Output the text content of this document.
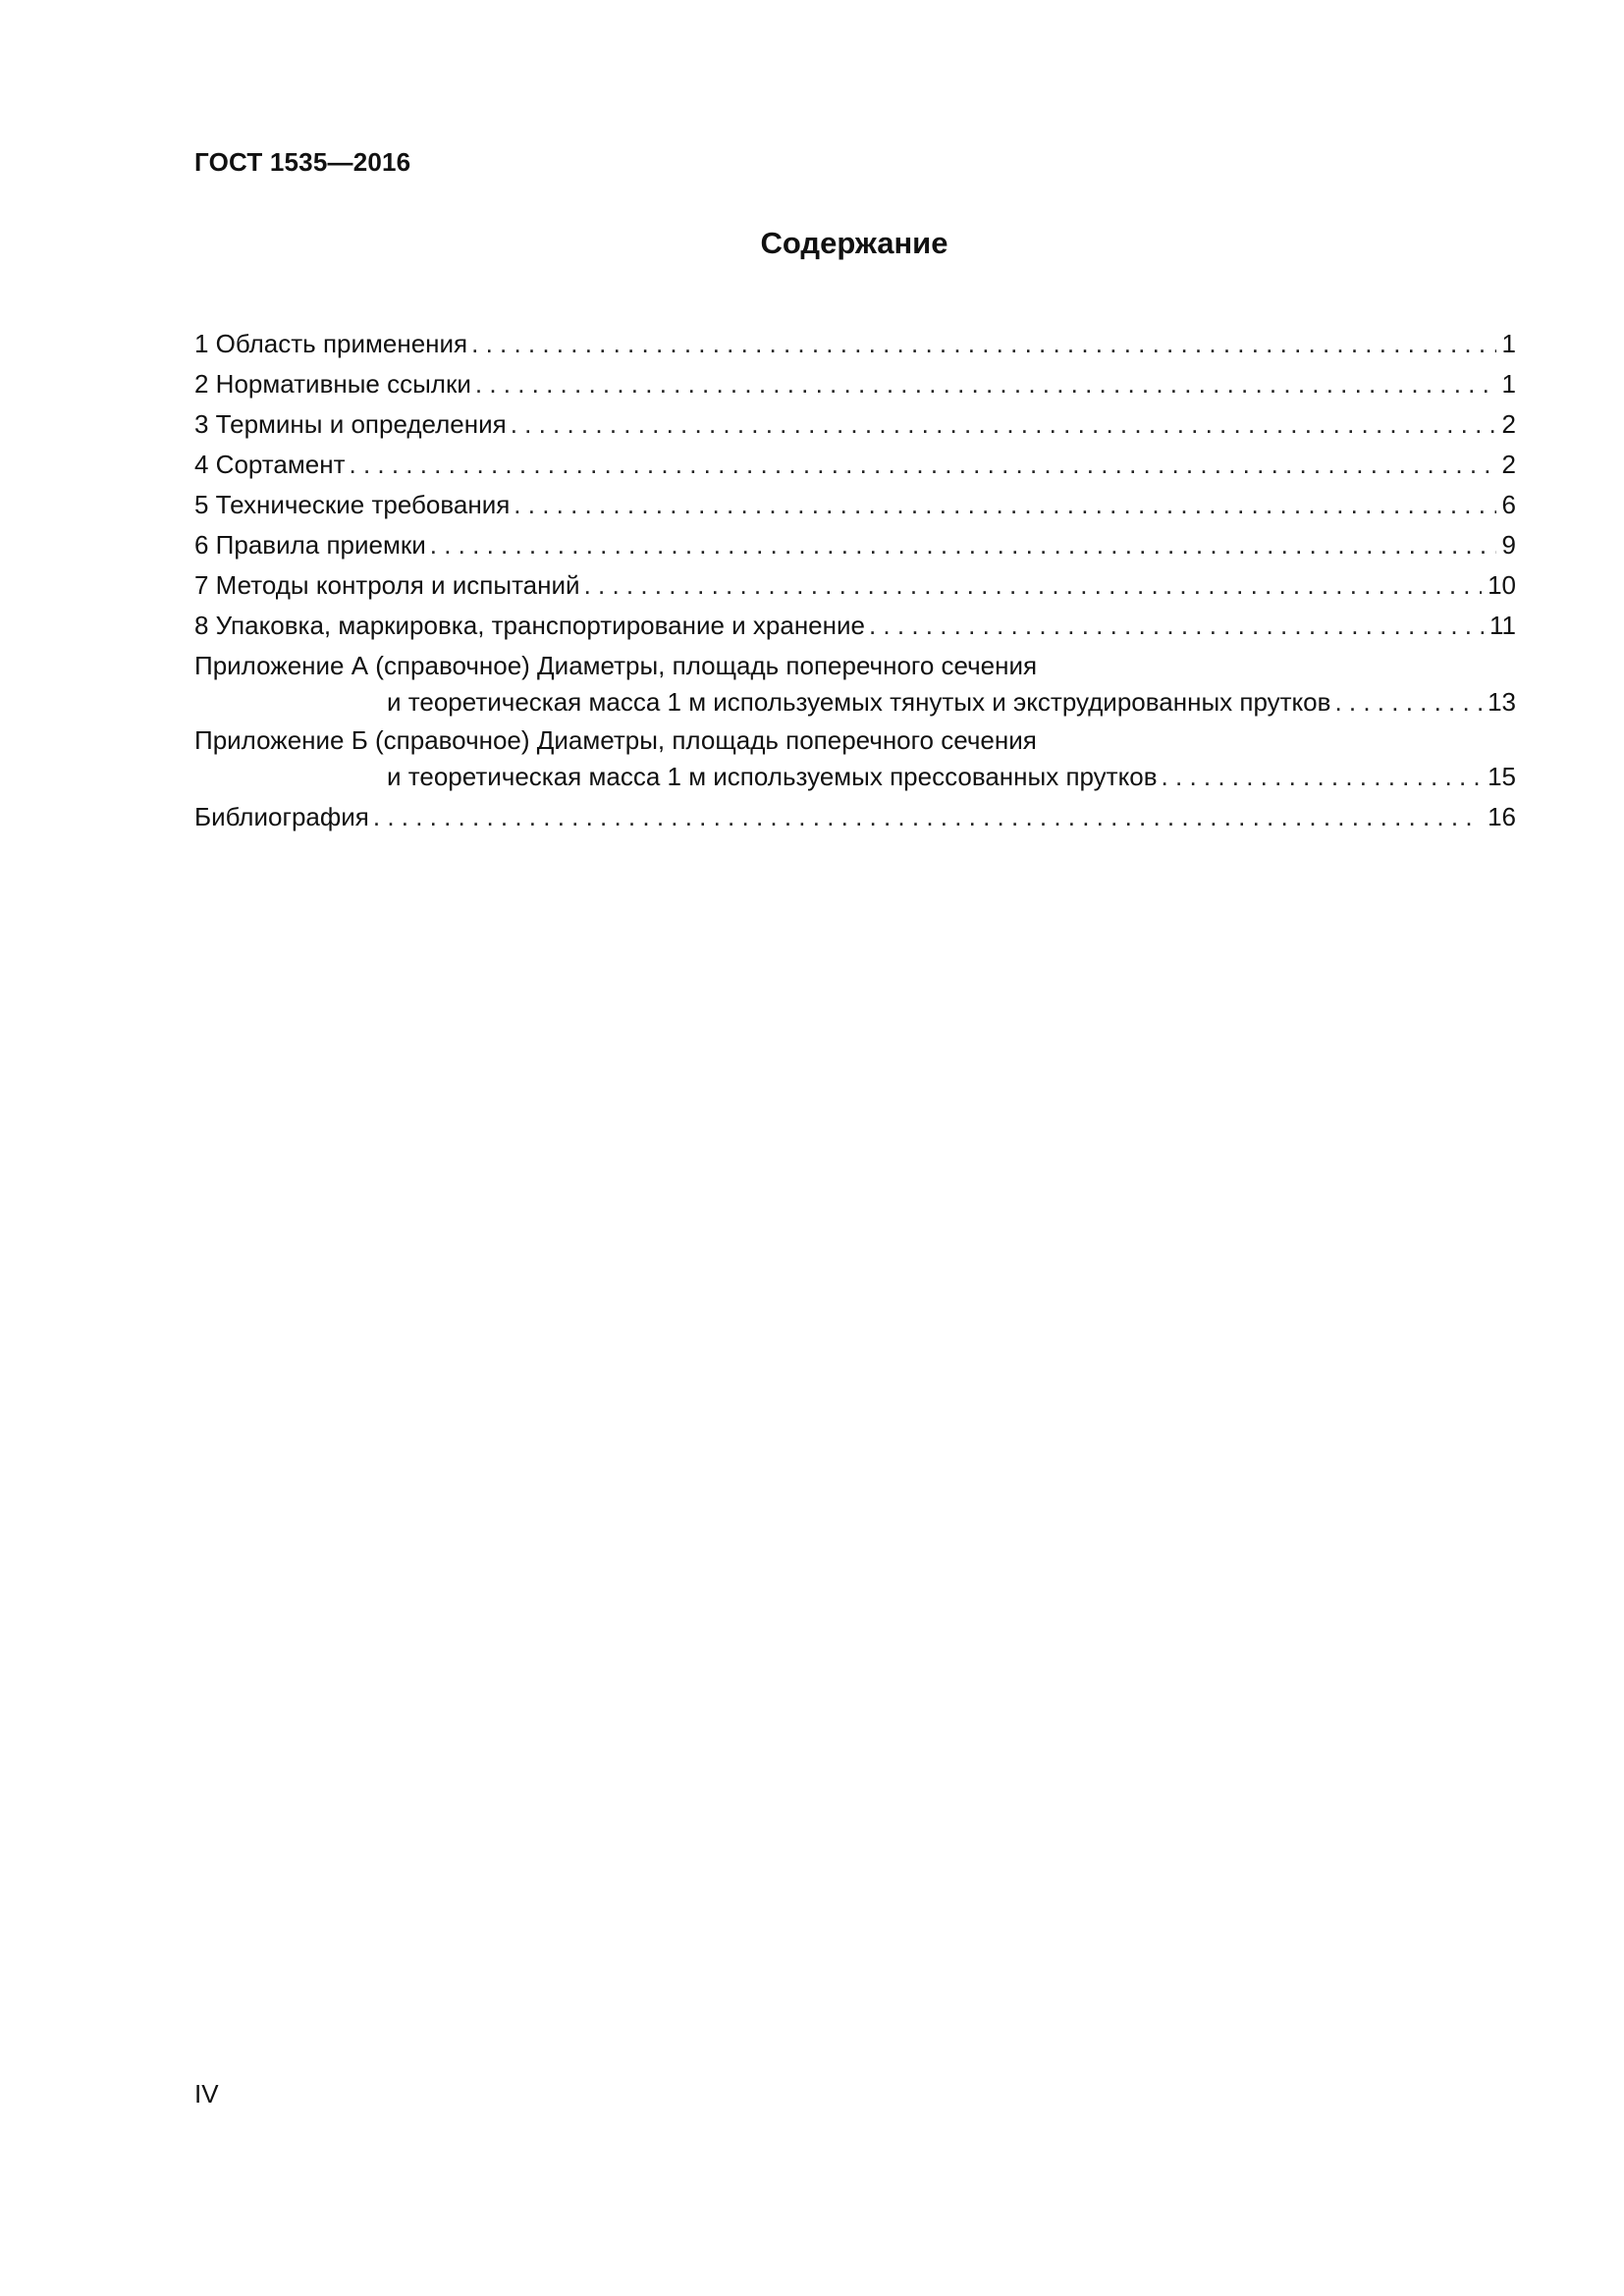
ГОСТ 1535—2016
Содержание
1 Область применения . . .	1
2 Нормативные ссылки . . .	1
3 Термины и определения . . .	2
4 Сортамент . . .	2
5 Технические требования . . .	6
6 Правила приемки . . .	9
7 Методы контроля и испытаний . . .	10
8 Упаковка, маркировка, транспортирование и хранение . . .	11
Приложение А (справочное) Диаметры, площадь поперечного сечения
и теоретическая масса 1 м используемых тянутых и экструдированных прутков . . .	13
Приложение Б (справочное) Диаметры, площадь поперечного сечения
и теоретическая масса 1 м используемых прессованных прутков . . .	15
Библиография . . .	16
IV
